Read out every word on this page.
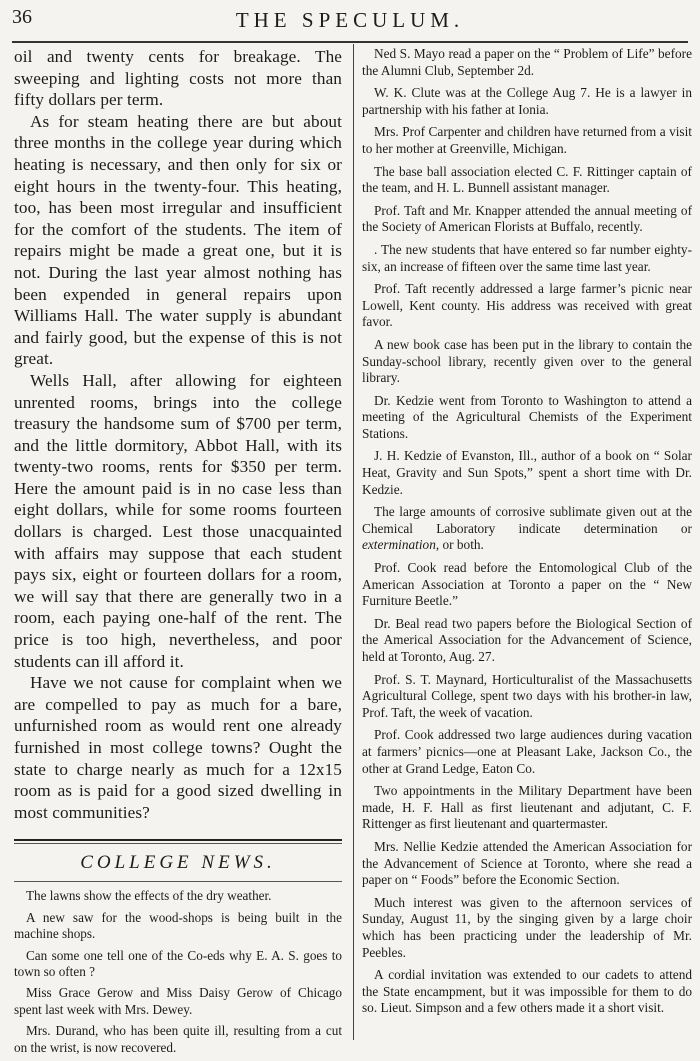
36	THE SPECULUM.

oil and twenty cents for breakage. The sweeping and lighting costs not more than fifty dollars per term.

As for steam heating there are but about three months in the college year during which heating is necessary, and then only for six or eight hours in the twenty-four. This heating, too, has been most irregular and insufficient for the comfort of the students. The item of repairs might be made a great one, but it is not. During the last year almost nothing has been expended in general repairs upon Williams Hall. The water supply is abundant and fairly good, but the expense of this is not great.

Wells Hall, after allowing for eighteen unrented rooms, brings into the college treasury the handsome sum of $700 per term, and the little dormitory, Abbot Hall, with its twenty-two rooms, rents for $350 per term. Here the amount paid is in no case less than eight dollars, while for some rooms fourteen dollars is charged. Lest those unacquainted with affairs may suppose that each student pays six, eight or fourteen dollars for a room, we will say that there are generally two in a room, each paying one-half of the rent. The price is too high, nevertheless, and poor students can ill afford it.

Have we not cause for complaint when we are compelled to pay as much for a bare, unfurnished room as would rent one already furnished in most college towns? Ought the state to charge nearly as much for a 12x15 room as is paid for a good sized dwelling in most communities?

COLLEGE NEWS.

The lawns show the effects of the dry weather.

A new saw for the wood-shops is being built in the machine shops.

Can some one tell one of the Co-eds why E. A. S. goes to town so often ?

Miss Grace Gerow and Miss Daisy Gerow of Chicago spent last week with Mrs. Dewey.

Mrs. Durand, who has been quite ill, resulting from a cut on the wrist, is now recovered.

Ned S. Mayo read a paper on the “ Problem of Life” before the Alumni Club, September 2d.

W. K. Clute was at the College Aug 7. He is a lawyer in partnership with his father at Ionia.

Mrs. Prof Carpenter and children have returned from a visit to her mother at Greenville, Michigan.

The base ball association elected C. F. Rittinger captain of the team, and H. L. Bunnell assistant manager.

Prof. Taft and Mr. Knapper attended the annual meeting of the Society of American Florists at Buffalo, recently.

. The new students that have entered so far number eighty-six, an increase of fifteen over the same time last year.

Prof. Taft recently addressed a large farmer’s picnic near Lowell, Kent county. His address was received with great favor.

A new book case has been put in the library to contain the Sunday-school library, recently given over to the general library.

Dr. Kedzie went from Toronto to Washington to attend a meeting of the Agricultural Chemists of the Experiment Stations.

J. H. Kedzie of Evanston, Ill., author of a book on “ Solar Heat, Gravity and Sun Spots,” spent a short time with Dr. Kedzie.

The large amounts of corrosive sublimate given out at the Chemical Laboratory indicate determination or extermination, or both.

Prof. Cook read before the Entomological Club of the American Association at Toronto a paper on the “ New Furniture Beetle.”

Dr. Beal read two papers before the Biological Section of the Americal Association for the Advancement of Science, held at Toronto, Aug. 27.

Prof. S. T. Maynard, Horticulturalist of the Massachusetts Agricultural College, spent two days with his brother-in law, Prof. Taft, the week of vacation.

Prof. Cook addressed two large audiences during vacation at farmers’ picnics—one at Pleasant Lake, Jackson Co., the other at Grand Ledge, Eaton Co.

Two appointments in the Military Department have been made, H. F. Hall as first lieutenant and adjutant, C. F. Rittenger as first lieutenant and quartermaster.

Mrs. Nellie Kedzie attended the American Association for the Advancement of Science at Toronto, where she read a paper on “ Foods” before the Economic Section.

Much interest was given to the afternoon services of Sunday, August 11, by the singing given by a large choir which has been practicing under the leadership of Mr. Peebles.

A cordial invitation was extended to our cadets to attend the State encampment, but it was impossible for them to do so. Lieut. Simpson and a few others made it a short visit.
